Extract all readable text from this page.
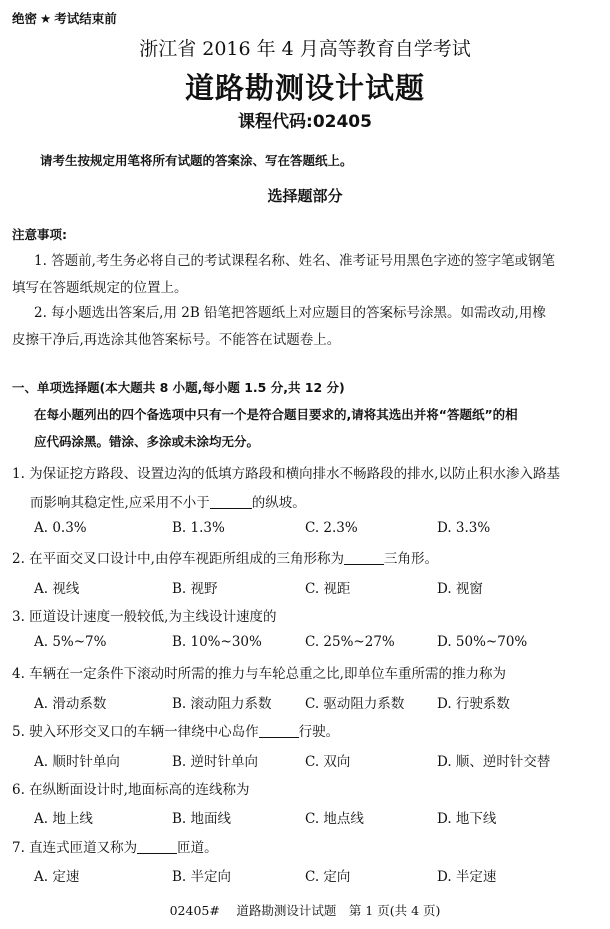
绝密 ★ 考试结束前
浙江省 2016 年 4 月高等教育自学考试
道路勘测设计试题
课程代码:02405
请考生按规定用笔将所有试题的答案涂、写在答题纸上。
选择题部分
注意事项:
1. 答题前,考生务必将自己的考试课程名称、姓名、准考证号用黑色字迹的签字笔或钢笔
填写在答题纸规定的位置上。
2. 每小题选出答案后,用 2B 铅笔把答题纸上对应题目的答案标号涂黑。如需改动,用橡
皮擦干净后,再选涂其他答案标号。不能答在试题卷上。
一、单项选择题(本大题共 8 小题,每小题 1.5 分,共 12 分)
在每小题列出的四个备选项中只有一个是符合题目要求的,请将其选出并将“答题纸”的相
应代码涂黑。错涂、多涂或未涂均无分。
1. 为保证挖方路段、设置边沟的低填方路段和横向排水不畅路段的排水,以防止积水渗入路基
而影响其稳定性,应采用不小于	的纵坡。
A. 0.3%	B. 1.3%	C. 2.3%	D. 3.3%
2. 在平面交叉口设计中,由停车视距所组成的三角形称为	三角形。
A. 视线	B. 视野	C. 视距	D. 视窗
3. 匝道设计速度一般较低,为主线设计速度的
A. 5%~7%	B. 10%~30%	C. 25%~27%	D. 50%~70%
4. 车辆在一定条件下滚动时所需的推力与车轮总重之比,即单位车重所需的推力称为
A. 滑动系数	B. 滚动阻力系数 C. 驱动阻力系数 D. 行驶系数
5. 驶入环形交叉口的车辆一律绕中心岛作	行驶。
A. 顺时针单向	B. 逆时针单向	C. 双向	D. 顺、逆时针交替
6. 在纵断面设计时,地面标高的连线称为
A. 地上线	B. 地面线	C. 地点线	D. 地下线
7. 直连式匝道又称为	匝道。
A. 定速	B. 半定向	C. 定向	D. 半定速
02405#　 道路勘测设计试题　第 1 页(共 4 页)
